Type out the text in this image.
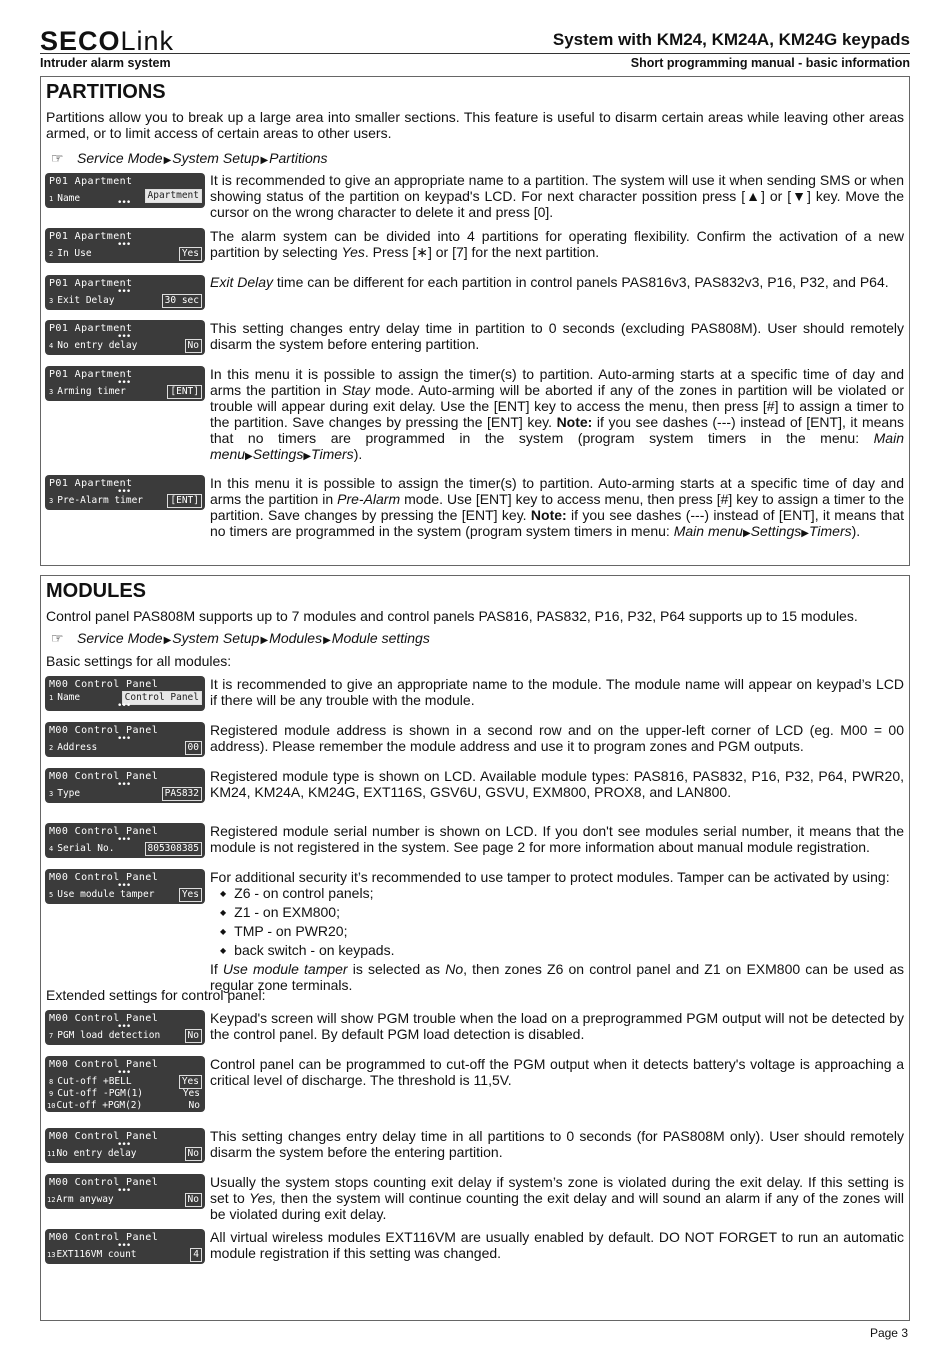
SECOLink	System with KM24, KM24A, KM24G keypads
Intruder alarm system	Short programming manual - basic information
PARTITIONS
Partitions allow you to break up a large area into smaller sections. This feature is useful to disarm certain areas while leaving other areas armed, or to limit access of certain areas to other users.
☞ Service Mode▶System Setup▶Partitions
P01 Apartment
1 Name	Apartment
•••
It is recommended to give an appropriate name to a partition. The system will use it when sending SMS or when showing status of the partition on keypad's LCD. For next character possition press [▲] or [▼] key. Move the cursor on the wrong character to delete it and press [0].
P01 Apartment
•••
2 In Use	Yes
The alarm system can be divided into 4 partitions for operating flexibility. Confirm the activation of a new partition by selecting Yes. Press [∗] or [7] for the next partition.
P01 Apartment
•••
3 Exit Delay	30 sec
Exit Delay time can be different for each partition in control panels PAS816v3, PAS832v3, P16, P32, and P64.
P01 Apartment
•••
4 No entry delay	No
This setting changes entry delay time in partition to 0 seconds (excluding PAS808M). User should remotely disarm the system before entering partition.
P01 Apartment
•••
3 Arming timer	[ENT]
In this menu it is possible to assign the timer(s) to partition. Auto-arming starts at a specific time of day and arms the partition in Stay mode. Auto-arming will be aborted if any of the zones in partition will be violated or trouble will appear during exit delay. Use the [ENT] key to access the menu, then press [#] to assign a timer to the partition. Save changes by pressing the [ENT] key. Note: if you see dashes (---) instead of [ENT], it means that no timers are programmed in the system (program system timers in the menu: Main menu▶Settings▶Timers).
P01 Apartment
•••
3 Pre-Alarm timer	[ENT]
In this menu it is possible to assign the timer(s) to partition. Auto-arming starts at a specific time of day and arms the partition in Pre-Alarm mode. Use [ENT] key to access menu, then press [#] key to assign a timer to the partition. Save changes by pressing the [ENT] key. Note: if you see dashes (---) instead of [ENT], it means that no timers are programmed in the system (program system timers in menu: Main menu▶Settings▶Timers).
MODULES
Control panel PAS808M supports up to 7 modules and control panels PAS816, PAS832, P16, P32, P64 supports up to 15 modules.
☞ Service Mode▶System Setup▶Modules▶Module settings
Basic settings for all modules:
M00 Control Panel
1 Name	Control Panel
•••
It is recommended to give an appropriate name to the module. The module name will appear on keypad’s LCD if there will be any trouble with the module.
M00 Control Panel
•••
2 Address	00
Registered module address is shown in a second row and on the upper-left corner of LCD (eg. M00 = 00 address). Please remember the module address and use it to program zones and PGM outputs.
M00 Control Panel
•••
3 Type	PAS832
Registered module type is shown on LCD. Available module types: PAS816, PAS832, P16, P32, P64, PWR20, KM24, KM24A, KM24G, EXT116S, GSV6U, GSVU, EXM800, PROX8, and LAN800.
M00 Control Panel
•••
4 Serial No.	805308385
Registered module serial number is shown on LCD. If you don't see modules serial number, it means that the module is not registered in the system. See page 2 for more information about manual module registration.
M00 Control Panel
•••
5 Use module tamper	Yes
For additional security it’s recommended to use tamper to protect modules. Tamper can be activated by using:
◆ Z6 - on control panels;
◆ Z1 - on EXM800;
◆ TMP - on PWR20;
◆ back switch - on keypads.
If Use module tamper is selected as No, then zones Z6 on control panel and Z1 on EXM800 can be used as regular zone terminals.
Extended settings for control panel:
M00 Control Panel
•••
7 PGM load detection	No
Keypad's screen will show PGM trouble when the load on a preprogrammed PGM output will not be detected by the control panel. By default PGM load detection is disabled.
M00 Control Panel
•••
8 Cut-off +BELL	Yes
9 Cut-off -PGM(1)	Yes
10Cut-off +PGM(2)	No
Control panel can be programmed to cut-off the PGM output when it detects battery's voltage is approaching a critical level of discharge. The threshold is 11,5V.
M00 Control Panel
•••
11No entry delay	No
This setting changes entry delay time in all partitions to 0 seconds (for PAS808M only). User should remotely disarm the system before the entering partition.
M00 Control Panel
•••
12Arm anyway	No
Usually the system stops counting exit delay if system’s zone is violated during the exit delay. If this setting is set to Yes, then the system will continue counting the exit delay and will sound an alarm if any of the zones will be violated during exit delay.
M00 Control Panel
•••
13EXT116VM count	4
All virtual wireless modules EXT116VM are usually enabled by default. DO NOT FORGET to run an automatic module registration if this setting was changed.
Page 3
